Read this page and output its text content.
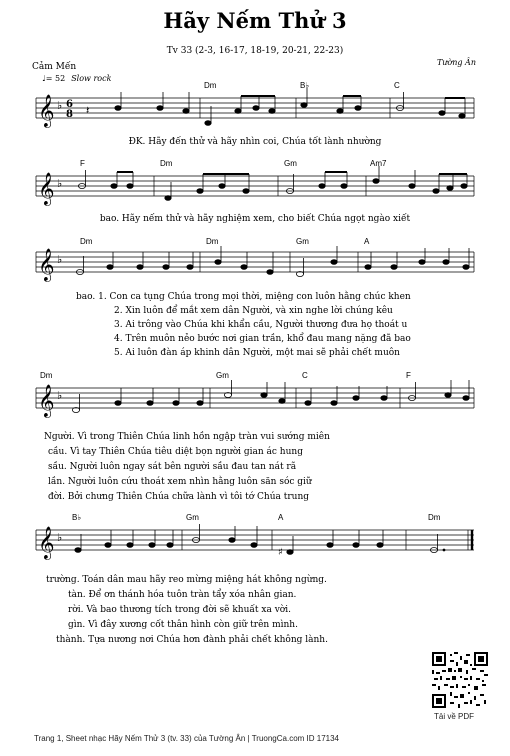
Hãy Nếm Thử 3
Tv 33 (2-3, 16-17, 18-19, 20-21, 22-23)
Cảm Mến	Tường Ân
♩= 52 Slow rock
𝄞 ♭ 6
8 𝄽
Dm	B♭	C
ĐK. Hãy đến thử và hãy nhìn coi, Chúa tốt lành nhường
𝄞 ♭
F	Dm	Gm	Am7
bao. Hãy nếm thử và hãy nghiệm xem, cho biết Chúa ngọt ngào xiết
𝄞 ♭
Dm	Dm	Gm	A
bao. 1. Con ca tụng Chúa trong mọi thời, miệng con luôn hằng chúc khen
2. Xin luôn để mắt xem dân Người, và xin nghe lời chúng kêu
3. Ai trông vào Chúa khi khẩn cầu, Người thương đưa họ thoát u
4. Trên muôn nẻo bước nơi gian trần, khổ đau mang nặng đã bao
5. Ai luôn đàn áp khinh dân Người, một mai sẽ phải chết muôn
𝄞 ♭
Dm	Gm	C	F
Người. Vì trong Thiên Chúa linh hồn ngập tràn vui sướng miên
cầu. Vì tay Thiên Chúa tiêu diệt bọn người gian ác hung
sầu. Người luôn ngay sát bên người sầu đau tan nát rã
lần. Người luôn cứu thoát xem nhìn hằng luôn săn sóc giữ
đời. Bởi chưng Thiên Chúa chữa lành vì tôi tớ Chúa trung
𝄞 ♭
♯
B♭	Gm	A	Dm
trường. Toán dân mau hãy reo mừng miệng hát không ngừng.
tàn. Để ơn thánh hóa tuôn tràn tẩy xóa nhân gian.
rời. Và bao thương tích trong đời sẽ khuất xa vời.
gìn. Vì đây xương cốt thân hình còn giữ trên mình.
thành. Tựa nương nơi Chúa hơn đành phải chết không lành.
Tải về PDF
Trang 1, Sheet nhạc Hãy Nếm Thử 3 (tv. 33) của Tường Ân | TruongCa.com ID 17134
